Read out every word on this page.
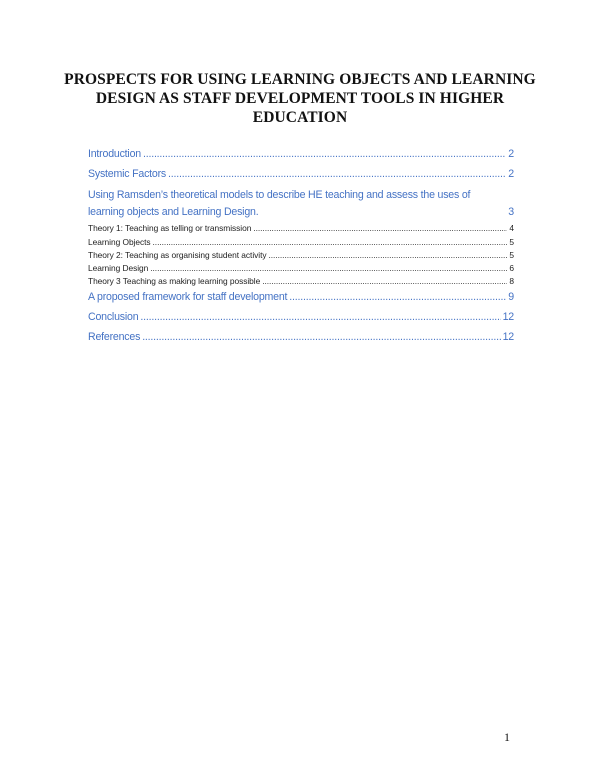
PROSPECTS FOR USING LEARNING OBJECTS AND LEARNING DESIGN AS STAFF DEVELOPMENT TOOLS IN HIGHER EDUCATION
Introduction .....	2
Systemic Factors .....	2
Using Ramsden’s theoretical models to describe HE teaching and assess the uses of
learning objects and Learning Design.	3
Theory 1: Teaching as telling or transmission .....	4
Learning Objects .....	5
Theory 2: Teaching as organising student activity .....	5
Learning Design .....	6
Theory 3 Teaching as making learning possible .....	8
A proposed framework for staff development .....	9
Conclusion .....	12
References .....	12
1
